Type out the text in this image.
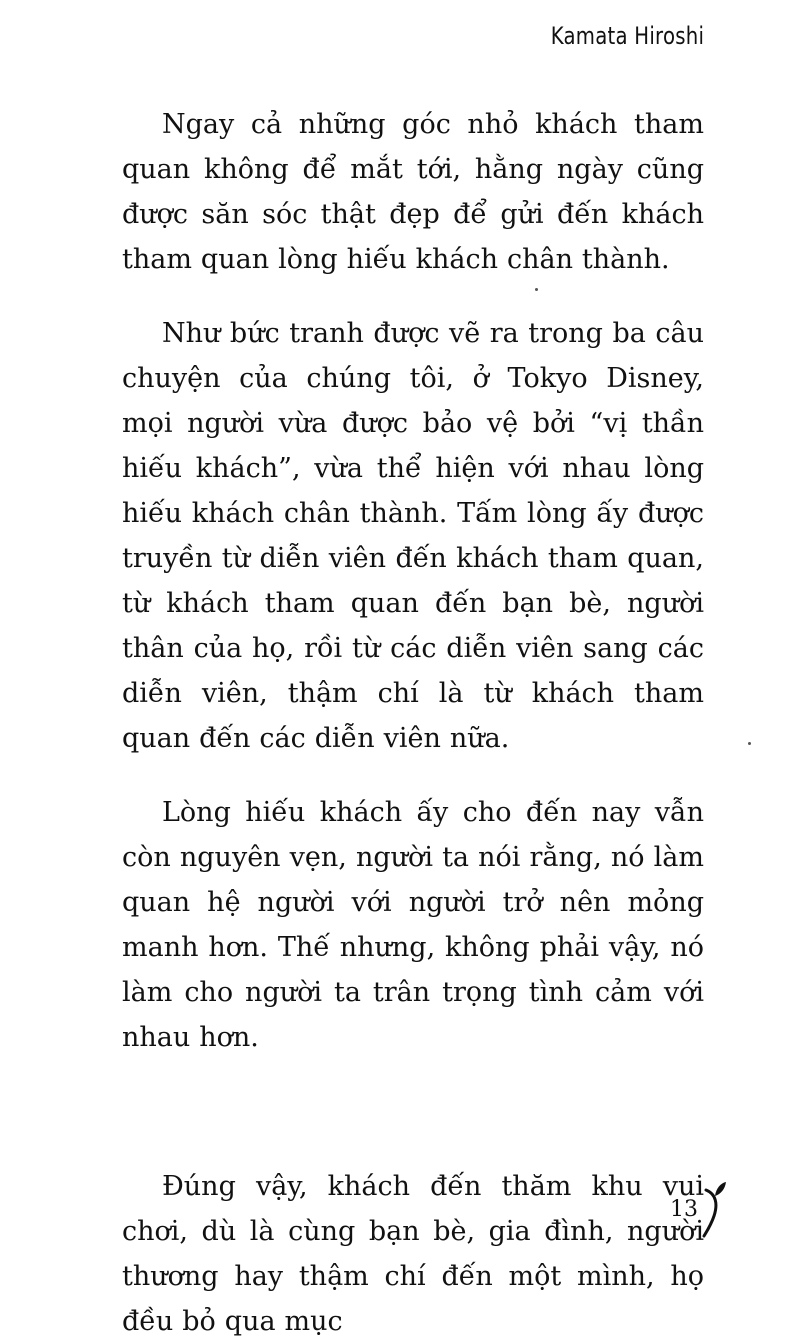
Kamata Hiroshi

Ngay cả những góc nhỏ khách tham quan không để mắt tới, hằng ngày cũng được săn sóc thật đẹp để gửi đến khách tham quan lòng hiếu khách chân thành.

Như bức tranh được vẽ ra trong ba câu chuyện của chúng tôi, ở Tokyo Disney, mọi người vừa được bảo vệ bởi “vị thần hiếu khách”, vừa thể hiện với nhau lòng hiếu khách chân thành. Tấm lòng ấy được truyền từ diễn viên đến khách tham quan, từ khách tham quan đến bạn bè, người thân của họ, rồi từ các diễn viên sang các diễn viên, thậm chí là từ khách tham quan đến các diễn viên nữa.

Lòng hiếu khách ấy cho đến nay vẫn còn nguyên vẹn, người ta nói rằng, nó làm quan hệ người với người trở nên mỏng manh hơn. Thế nhưng, không phải vậy, nó làm cho người ta trân trọng tình cảm với nhau hơn.

Đúng vậy, khách đến thăm khu vui chơi, dù là cùng bạn bè, gia đình, người thương hay thậm chí đến một mình, họ đều bỏ qua mục

13
